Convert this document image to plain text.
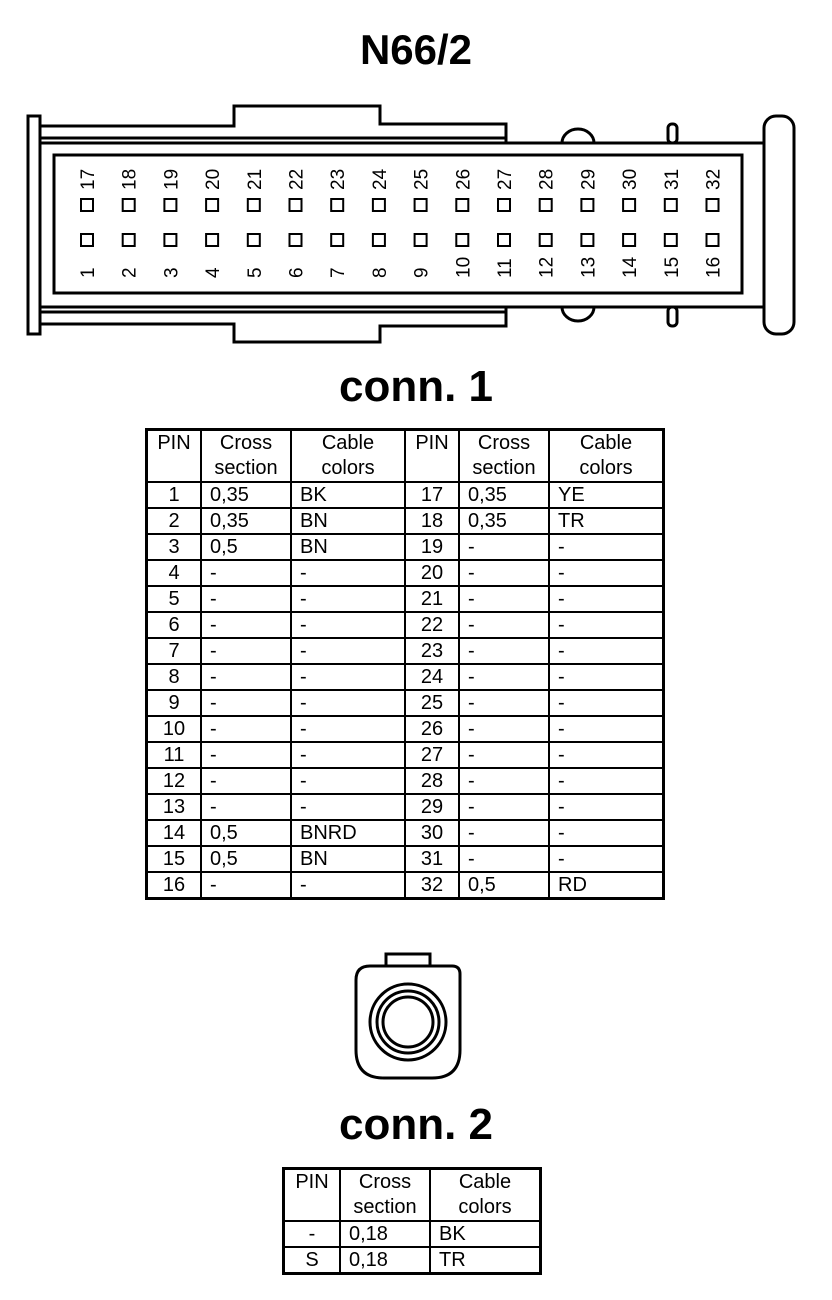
N66/2
17 18 19 20 21 22 23 24 25 26 27 28 29 30 31 32
1 2 3 4 5 6 7 8 9 10 11 12 13 14 15 16
conn. 1
PIN	Cross section	Cable colors	PIN	Cross section	Cable colors
1	0,35	BK	17	0,35	YE
2	0,35	BN	18	0,35	TR
3	0,5	BN	19	-	-
4	-	-	20	-	-
5	-	-	21	-	-
6	-	-	22	-	-
7	-	-	23	-	-
8	-	-	24	-	-
9	-	-	25	-	-
10	-	-	26	-	-
11	-	-	27	-	-
12	-	-	28	-	-
13	-	-	29	-	-
14	0,5	BNRD	30	-	-
15	0,5	BN	31	-	-
16	-	-	32	0,5	RD
conn. 2
PIN	Cross section	Cable colors
-	0,18	BK
S	0,18	TR
